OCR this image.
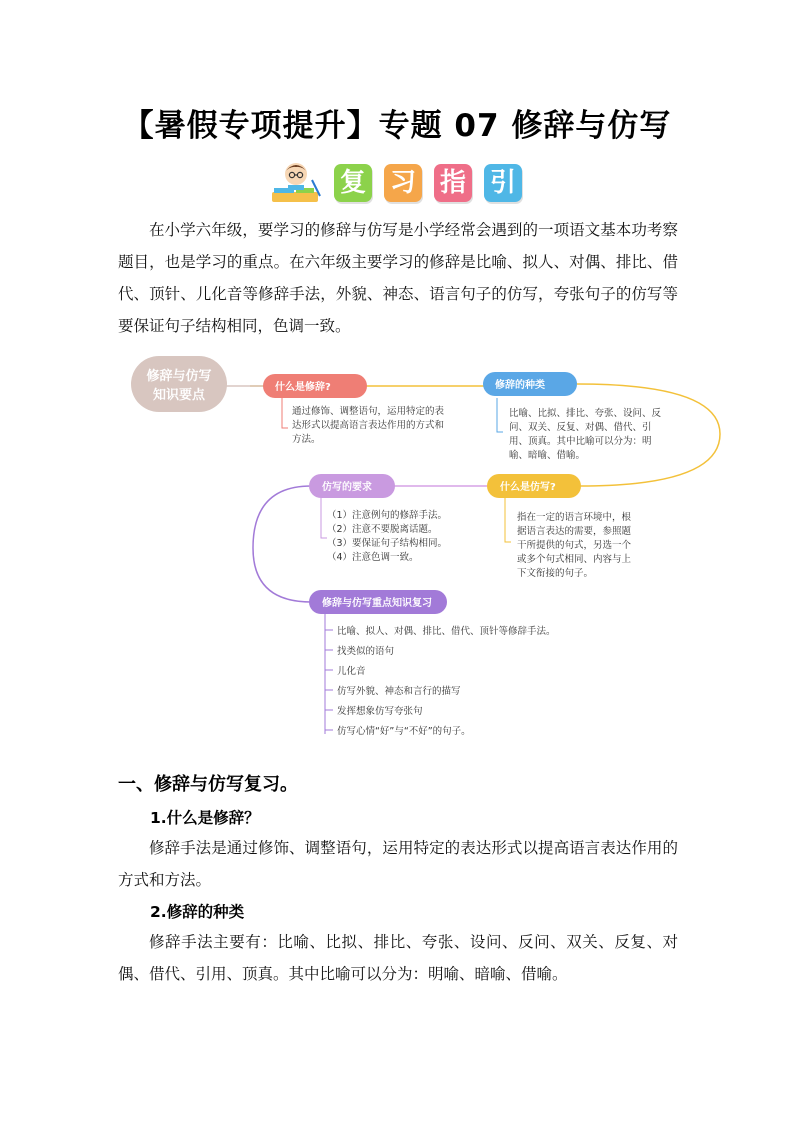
【暑假专项提升】专题 07 修辞与仿写
复 习 指 引
在小学六年级，要学习的修辞与仿写是小学经常会遇到的一项语文基本功考察题目，也是学习的重点。在六年级主要学习的修辞是比喻、拟人、对偶、排比、借代、顶针、儿化音等修辞手法，外貌、神态、语言句子的仿写，夸张句子的仿写等要保证句子结构相同，色调一致。
修辞与仿写
知识要点
什么是修辞?
通过修饰、调整语句，运用特定的表
达形式以提高语言表达作用的方式和
方法。
修辞的种类
比喻、比拟、排比、夸张、设问、反
问、双关、反复、对偶、借代、引
用、顶真。其中比喻可以分为：明
喻、暗喻、借喻。
什么是仿写?
指在一定的语言环境中，根
据语言表达的需要，参照题
干所提供的句式，另选一个
或多个句式相同、内容与上
下文衔接的句子。
仿写的要求
（1）注意例句的修辞手法。
（2）注意不要脱离话题。
（3）要保证句子结构相同。
（4）注意色调一致。
修辞与仿写重点知识复习
比喻、拟人、对偶、排比、借代、顶针等修辞手法。
找类似的语句
儿化音
仿写外貌、神态和言行的描写
发挥想象仿写夸张句
仿写心情“好”与“不好”的句子。
一、修辞与仿写复习。
1.什么是修辞？
修辞手法是通过修饰、调整语句，运用特定的表达形式以提高语言表达作用的方式和方法。
2.修辞的种类
修辞手法主要有：比喻、比拟、排比、夸张、设问、反问、双关、反复、对偶、借代、引用、顶真。其中比喻可以分为：明喻、暗喻、借喻。
